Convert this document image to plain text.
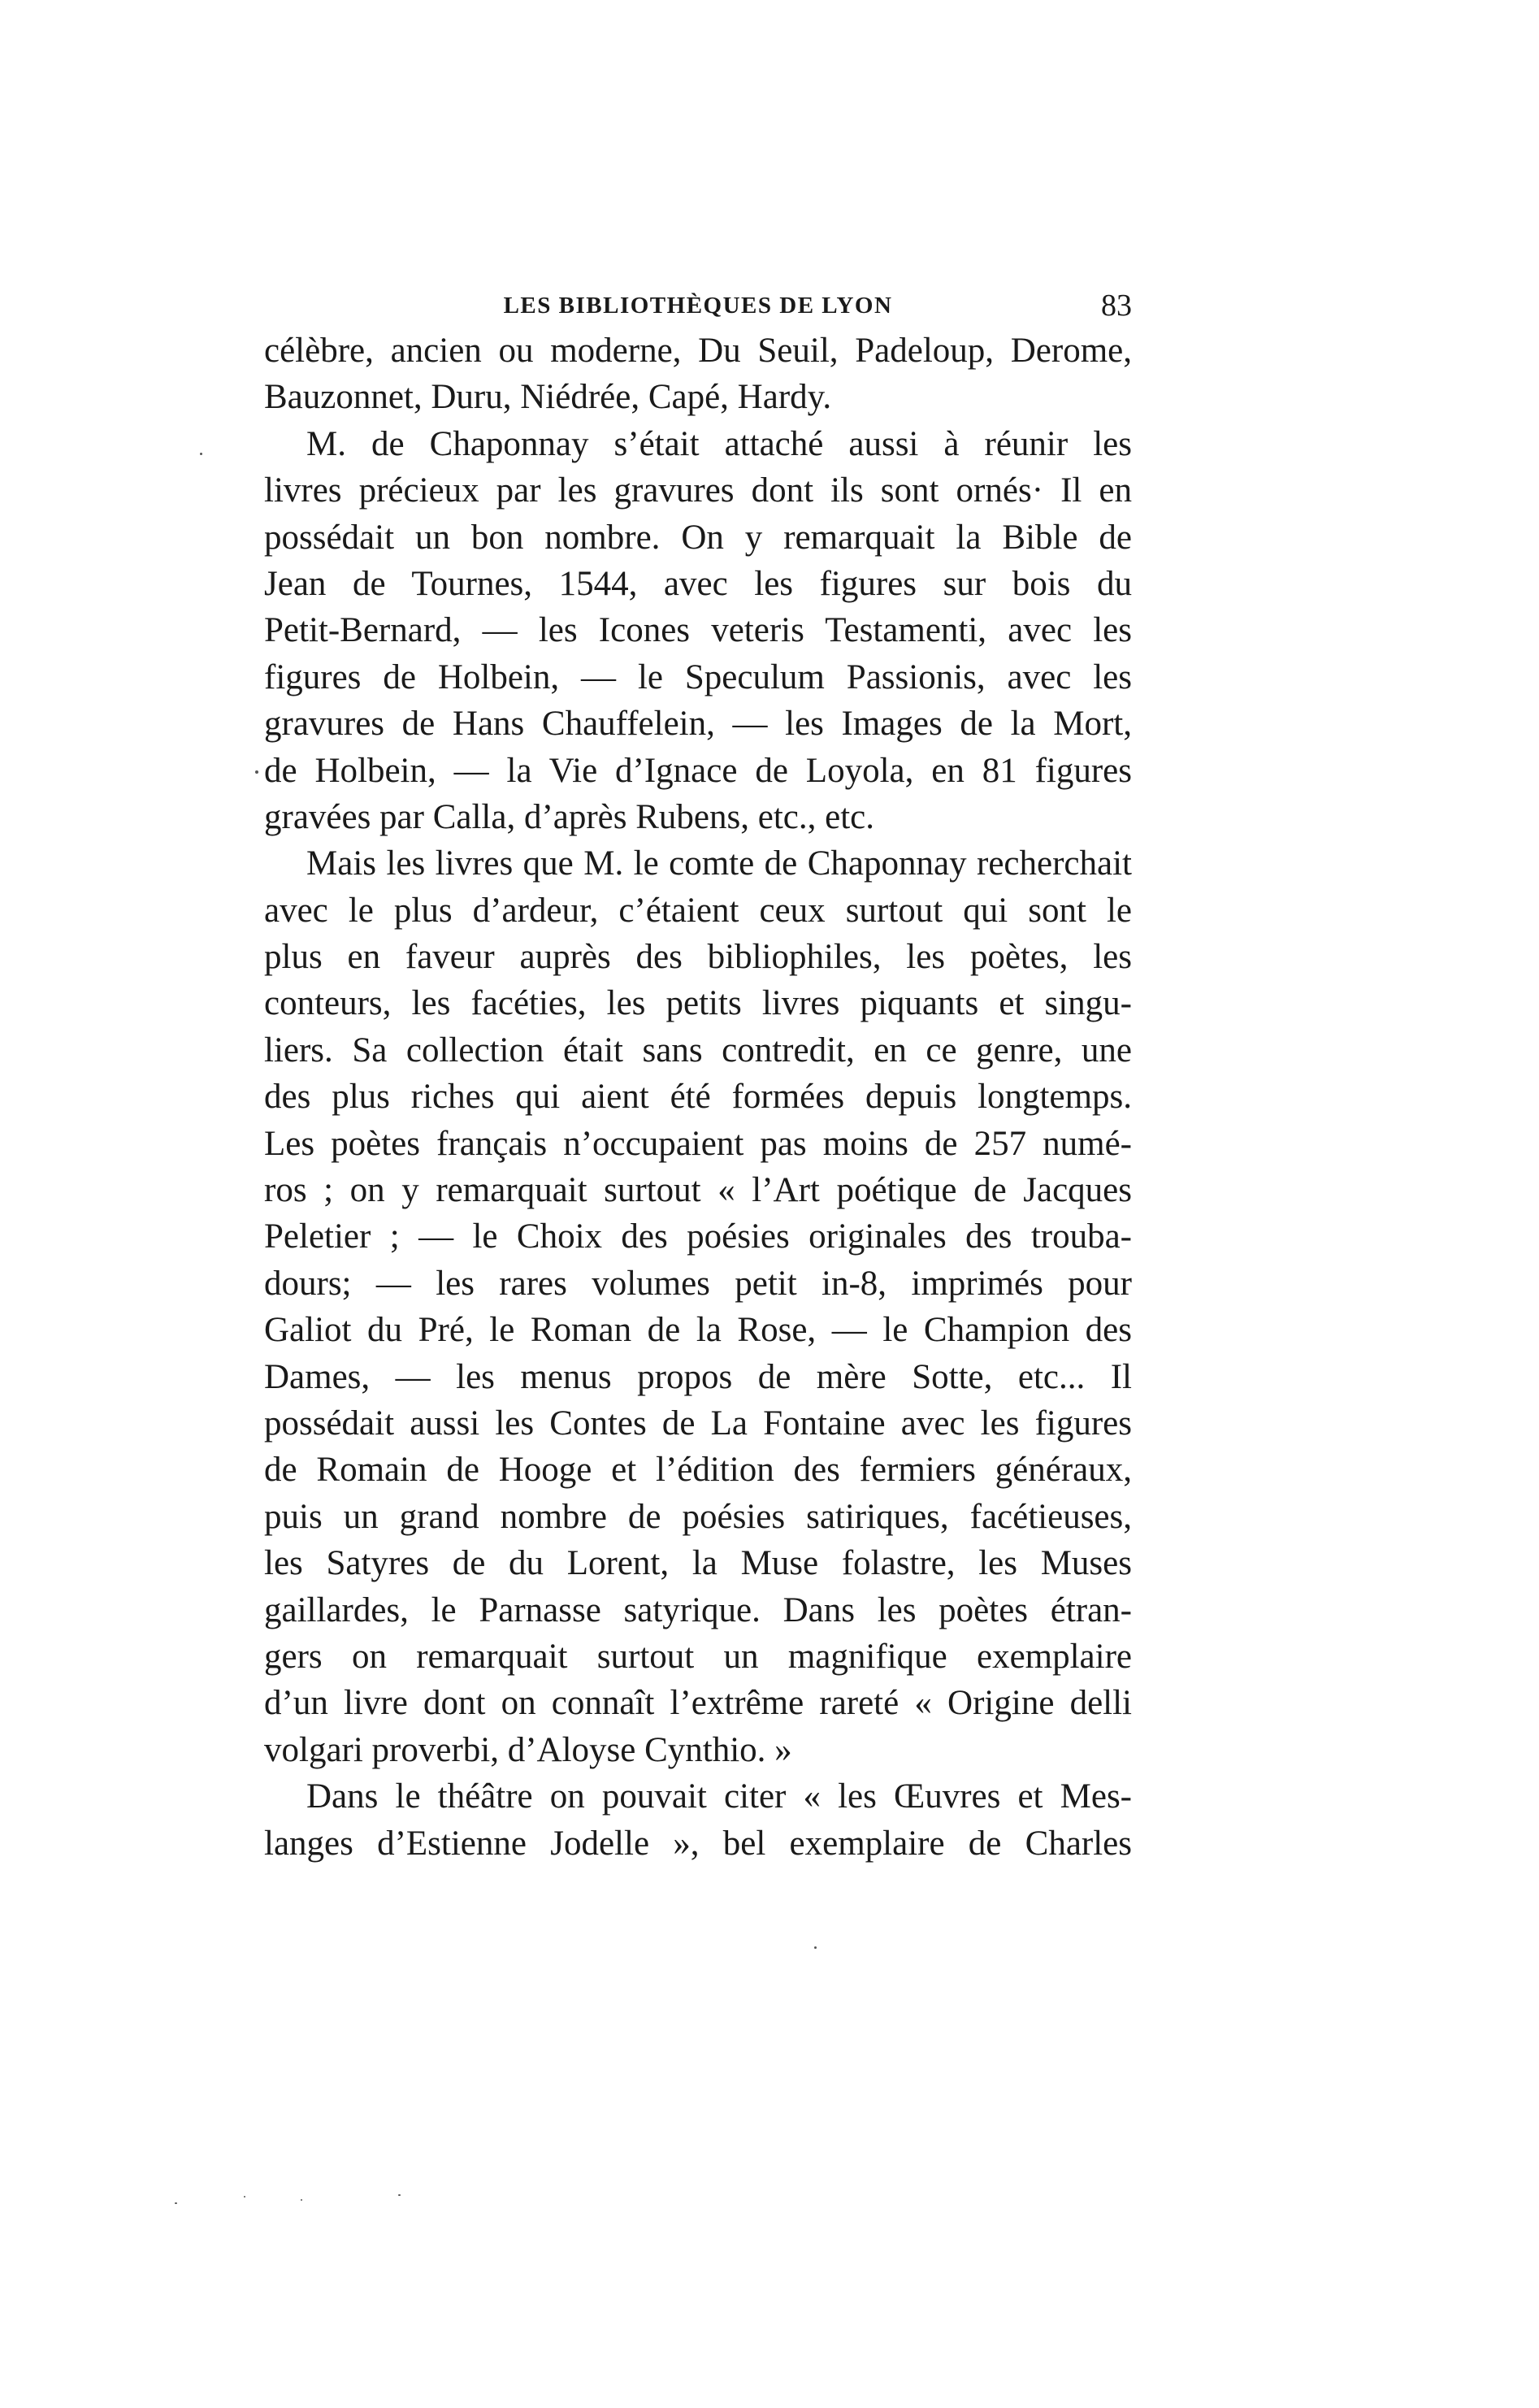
LES BIBLIOTHÈQUES DE LYON	83
célèbre, ancien ou moderne, Du Seuil, Padeloup, Derome,
Bauzonnet, Duru, Niédrée, Capé, Hardy.
M. de Chaponnay s’était attaché aussi à réunir les
livres précieux par les gravures dont ils sont ornés· Il en
possédait un bon nombre. On y remarquait la Bible de
Jean de Tournes, 1544, avec les figures sur bois du
Petit-Bernard, — les Icones veteris Testamenti, avec les
figures de Holbein, — le Speculum Passionis, avec les
gravures de Hans Chauffelein, — les Images de la Mort,
de Holbein, — la Vie d’Ignace de Loyola, en 81 figures
gravées par Calla, d’après Rubens, etc., etc.
Mais les livres que M. le comte de Chaponnay recherchait
avec le plus d’ardeur, c’étaient ceux surtout qui sont le
plus en faveur auprès des bibliophiles, les poètes, les
conteurs, les facéties, les petits livres piquants et singu-
liers. Sa collection était sans contredit, en ce genre, une
des plus riches qui aient été formées depuis longtemps.
Les poètes français n’occupaient pas moins de 257 numé-
ros ; on y remarquait surtout « l’Art poétique de Jacques
Peletier ; — le Choix des poésies originales des trouba-
dours; — les rares volumes petit in-8, imprimés pour
Galiot du Pré, le Roman de la Rose, — le Champion des
Dames, — les menus propos de mère Sotte, etc... Il
possédait aussi les Contes de La Fontaine avec les figures
de Romain de Hooge et l’édition des fermiers généraux,
puis un grand nombre de poésies satiriques, facétieuses,
les Satyres de du Lorent, la Muse folastre, les Muses
gaillardes, le Parnasse satyrique. Dans les poètes étran-
gers on remarquait surtout un magnifique exemplaire
d’un livre dont on connaît l’extrême rareté « Origine delli
volgari proverbi, d’Aloyse Cynthio. »
Dans le théâtre on pouvait citer « les Œuvres et Mes-
langes d’Estienne Jodelle », bel exemplaire de Charles
